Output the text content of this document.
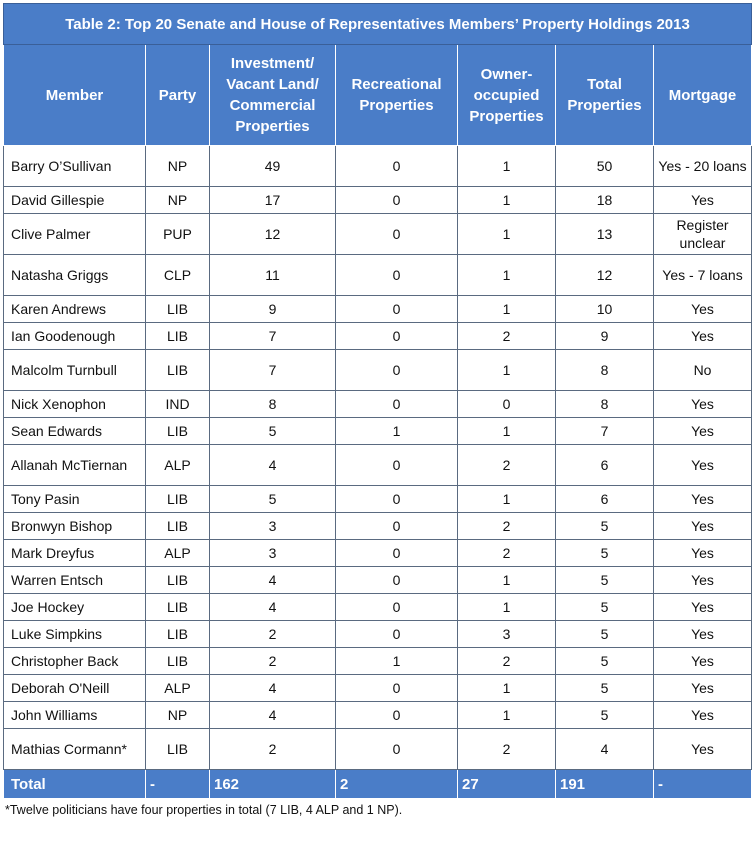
Table 2: Top 20 Senate and House of Representatives Members’ Property Holdings 2013						
Member	Party	Investment/ Vacant Land/ Commercial Properties	Recreational Properties	Owner-occupied Properties	Total Properties	Mortgage
Barry O’Sullivan	NP	49	0	1	50	Yes - 20 loans
David Gillespie	NP	17	0	1	18	Yes
Clive Palmer	PUP	12	0	1	13	Register unclear
Natasha Griggs	CLP	11	0	1	12	Yes - 7 loans
Karen Andrews	LIB	9	0	1	10	Yes
Ian Goodenough	LIB	7	0	2	9	Yes
Malcolm Turnbull	LIB	7	0	1	8	No
Nick Xenophon	IND	8	0	0	8	Yes
Sean Edwards	LIB	5	1	1	7	Yes
Allanah McTiernan	ALP	4	0	2	6	Yes
Tony Pasin	LIB	5	0	1	6	Yes
Bronwyn Bishop	LIB	3	0	2	5	Yes
Mark Dreyfus	ALP	3	0	2	5	Yes
Warren Entsch	LIB	4	0	1	5	Yes
Joe Hockey	LIB	4	0	1	5	Yes
Luke Simpkins	LIB	2	0	3	5	Yes
Christopher Back	LIB	2	1	2	5	Yes
Deborah O'Neill	ALP	4	0	1	5	Yes
John Williams	NP	4	0	1	5	Yes
Mathias Cormann*	LIB	2	0	2	4	Yes
Total	-	162	2	27	191	-
*Twelve politicians have four properties in total (7 LIB, 4 ALP and 1 NP).
